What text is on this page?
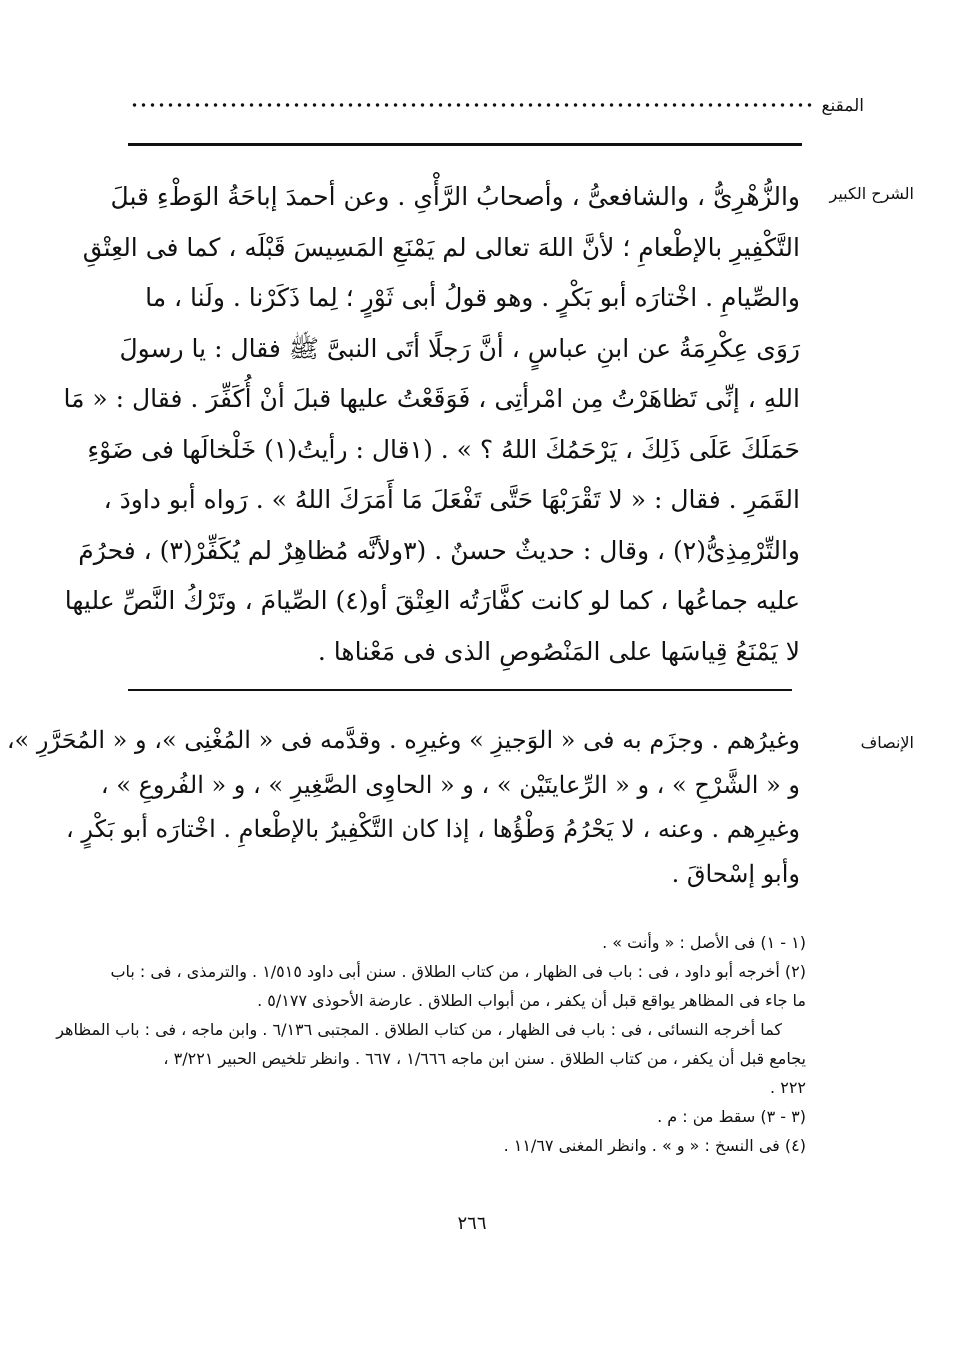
المقنع
الشرح الكبير
والزُّهْرِىُّ ، والشافعىُّ ، وأصحابُ الرَّأْىِ . وعن أحمدَ إباحَةُ الوَطْءِ قبلَ
التَّكْفِيرِ بالإطْعامِ ؛ لأنَّ اللهَ تعالى لم يَمْنَعِ المَسِيسَ قَبْلَه ، كما فى العِتْقِ
والصِّيامِ . اخْتارَه أبو بَكْرٍ . وهو قولُ أبى ثَوْرٍ ؛ لِما ذَكَرْنا . ولَنا ، ما
رَوَى عِكْرِمَةُ عن ابنِ عباسٍ ، أنَّ رَجلًا أتَى النبىَّ ﷺ فقال : يا رسولَ
اللهِ ، إنِّى تَظاهَرْتُ مِن امْرأتِى ، فَوَقَعْتُ عليها قبلَ أنْ أُكَفِّرَ . فقال : « مَا
حَمَلَكَ عَلَى ذَلِكَ ، يَرْحَمُكَ اللهُ ؟ » . (١قال : رأيتُ(١) خَلْخالَها فى ضَوْءِ
القَمَرِ . فقال : « لا تَقْرَبْهَا حَتَّى تَفْعَلَ مَا أَمَرَكَ اللهُ » . رَواه أبو داودَ ،
والتِّرْمِذِىُّ(٢) ، وقال : حديثٌ حسنٌ . (٣ولأنَّه مُظاهِرٌ لم يُكَفِّرْ(٣) ، فحرُمَ
عليه جماعُها ، كما لو كانت كفَّارَتُه العِتْقَ أو(٤) الصِّيامَ ، وتَرْكُ النَّصِّ عليها
لا يَمْنَعُ قِياسَها على المَنْصُوصِ الذى فى مَعْناها .
الإنصاف
وغيرُهم . وجزَم به فى « الوَجيزِ » وغيرِه . وقدَّمه فى « المُغْنِى »، و « المُحَرَّرِ »،
و « الشَّرْحِ » ، و « الرِّعايتَيْن » ، و « الحاوِى الصَّغِيرِ » ، و « الفُروعِ » ،
وغيرِهم . وعنه ، لا يَحْرُمُ وَطْؤُها ، إذا كان التَّكْفِيرُ بالإطْعامِ . اخْتارَه أبو بَكْرٍ ،
وأبو إسْحاقَ .
(١ - ١) فى الأصل : « وأنت » .
(٢) أخرجه أبو داود ، فى : باب فى الظهار ، من كتاب الطلاق . سنن أبى داود ١/٥١٥ . والترمذى ، فى : باب
ما جاء فى المظاهر يواقع قبل أن يكفر ، من أبواب الطلاق . عارضة الأحوذى ٥/١٧٧ .
كما أخرجه النسائى ، فى : باب فى الظهار ، من كتاب الطلاق . المجتبى ٦/١٣٦ . وابن ماجه ، فى : باب المظاهر
يجامع قبل أن يكفر ، من كتاب الطلاق . سنن ابن ماجه ١/٦٦٦ ، ٦٦٧ . وانظر تلخيص الحبير ٣/٢٢١ ،
٢٢٢ .
(٣ - ٣) سقط من : م .
(٤) فى النسخ : « و » . وانظر المغنى ١١/٦٧ .
٢٦٦
